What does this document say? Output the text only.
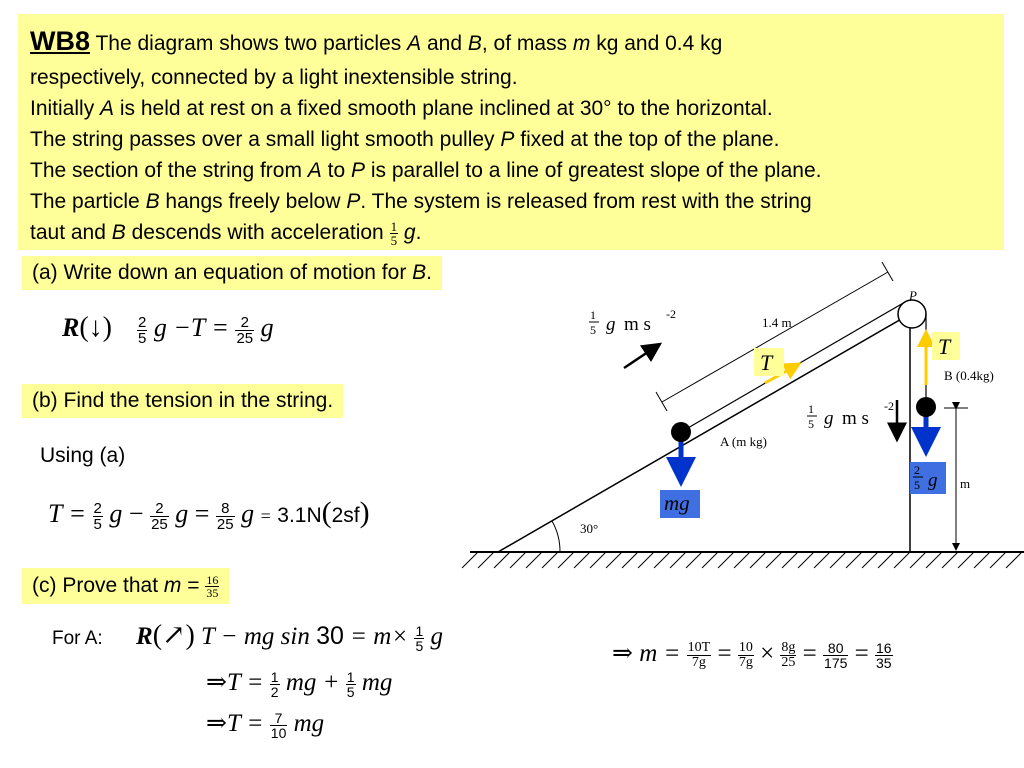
WB8 The diagram shows two particles A and B, of mass m kg and 0.4 kg
respectively, connected by a light inextensible string.
Initially A is held at rest on a fixed smooth plane inclined at 30° to the horizontal.
The string passes over a small light smooth pulley P fixed at the top of the plane.
The section of the string from A to P is parallel to a line of greatest slope of the plane.
The particle B hangs freely below P. The system is released from rest with the string
taut and B descends with acceleration $\frac{1}{5} g$.
(a) Write down an equation of motion for B.
R(↓) $\frac{2}{5}$ $g -T = \frac{2}{25}$ g
(b) Find the tension in the string.
Using (a)
$T = \frac{2}{5}$ $g - \frac{2}{25}$ $g = \frac{8}{25}$ g = 3.1N(2sf)
(c) Prove that $m = \frac{16}{35}$
For A: R(↗) T − mg $\sin 30 = m\times \frac{1}{5}$ g
⇒T = $\frac{1}{2}$ mg + $\frac{1}{5}$ mg
⇒T = $\frac{7}{10}$ mg
⇒ $m = \frac{10T}{7g} = \frac{10}{7g} \times \frac{8g}{25} = \frac{80}{175} = \frac{16}{35}$
30°
P
1.4 m
1
5 g m s -2
A (m kg)
mg
T
T
B (0.4kg)
1
5 g m s
-2
2
5 g m
